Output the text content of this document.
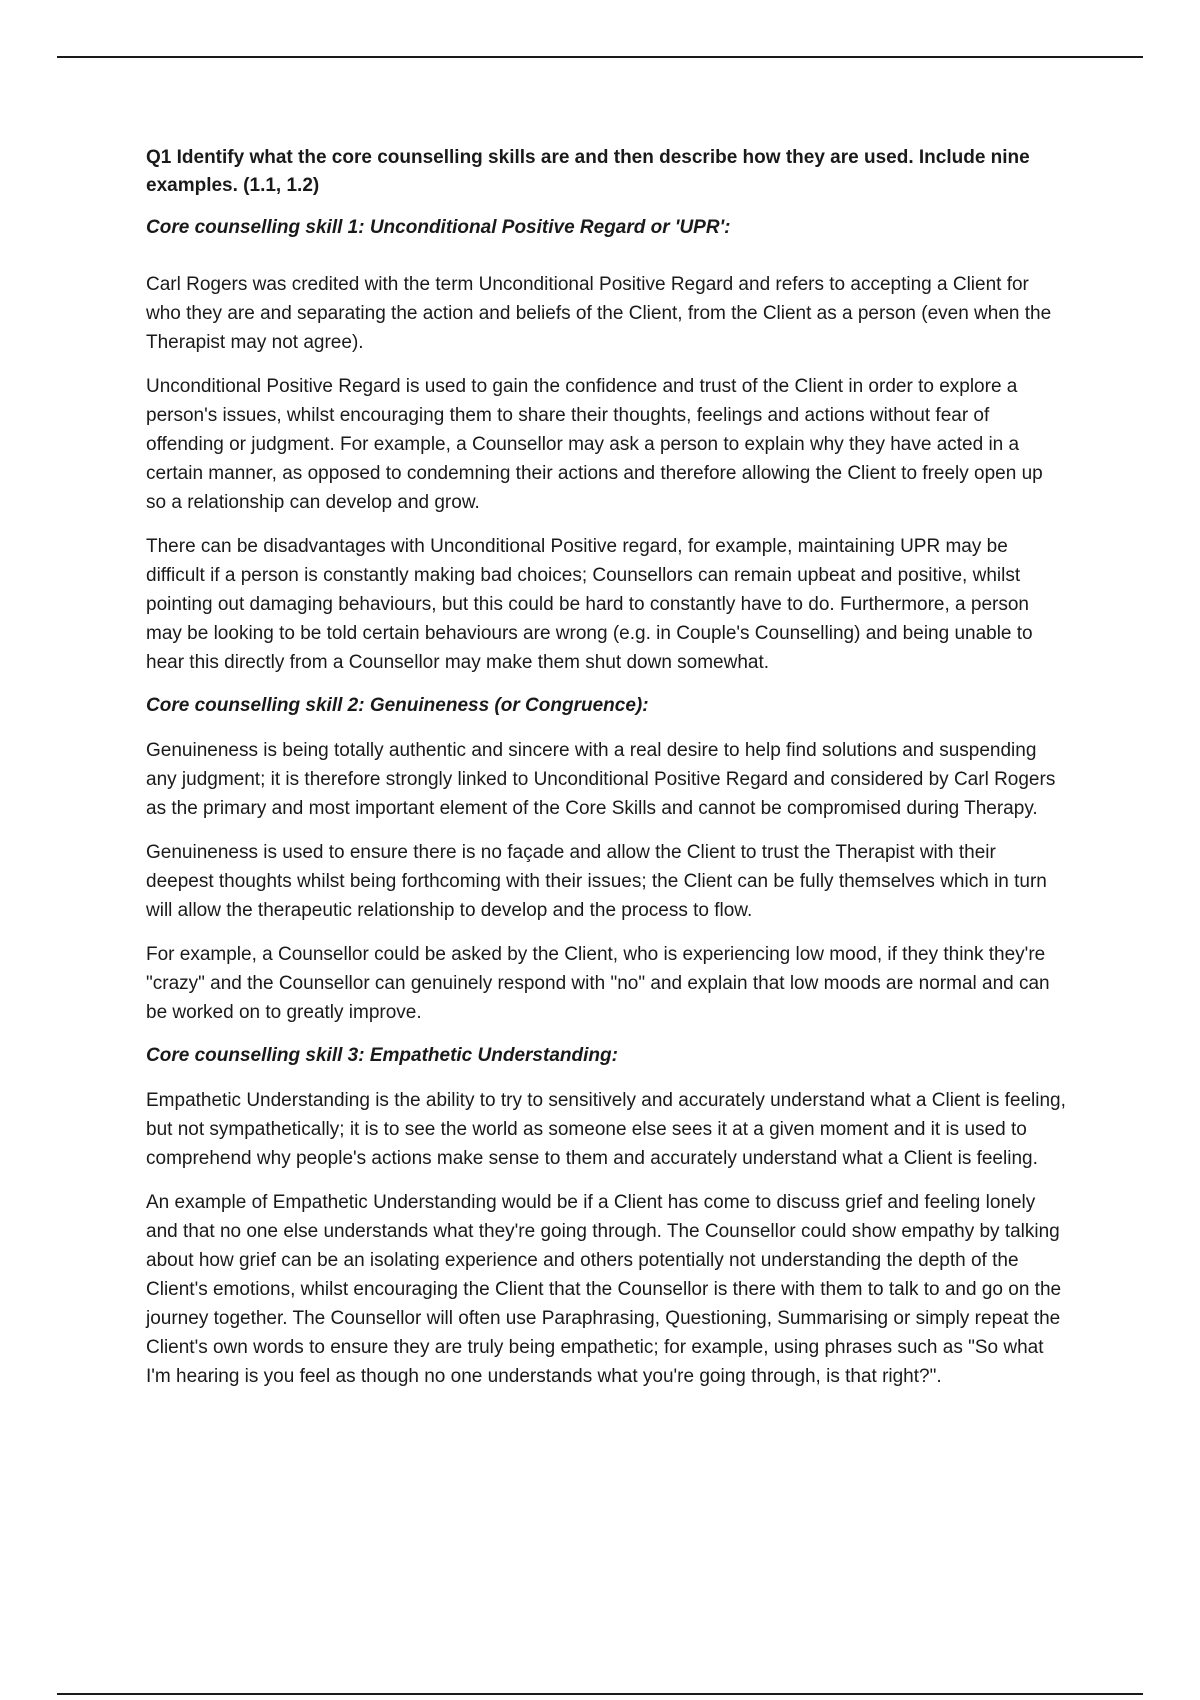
Q1 Identify what the core counselling skills are and then describe how they are used. Include nine examples. (1.1, 1.2)

Core counselling skill 1: Unconditional Positive Regard or 'UPR':

Carl Rogers was credited with the term Unconditional Positive Regard and refers to accepting a Client for who they are and separating the action and beliefs of the Client, from the Client as a person (even when the Therapist may not agree).

Unconditional Positive Regard is used to gain the confidence and trust of the Client in order to explore a person's issues, whilst encouraging them to share their thoughts, feelings and actions without fear of offending or judgment. For example, a Counsellor may ask a person to explain why they have acted in a certain manner, as opposed to condemning their actions and therefore allowing the Client to freely open up so a relationship can develop and grow.

There can be disadvantages with Unconditional Positive regard, for example, maintaining UPR may be difficult if a person is constantly making bad choices; Counsellors can remain upbeat and positive, whilst pointing out damaging behaviours, but this could be hard to constantly have to do. Furthermore, a person may be looking to be told certain behaviours are wrong (e.g. in Couple's Counselling) and being unable to hear this directly from a Counsellor may make them shut down somewhat.

Core counselling skill 2: Genuineness (or Congruence):

Genuineness is being totally authentic and sincere with a real desire to help find solutions and suspending any judgment; it is therefore strongly linked to Unconditional Positive Regard and considered by Carl Rogers as the primary and most important element of the Core Skills and cannot be compromised during Therapy.

Genuineness is used to ensure there is no façade and allow the Client to trust the Therapist with their deepest thoughts whilst being forthcoming with their issues; the Client can be fully themselves which in turn will allow the therapeutic relationship to develop and the process to flow.

For example, a Counsellor could be asked by the Client, who is experiencing low mood, if they think they're "crazy" and the Counsellor can genuinely respond with "no" and explain that low moods are normal and can be worked on to greatly improve.

Core counselling skill 3: Empathetic Understanding:

Empathetic Understanding is the ability to try to sensitively and accurately understand what a Client is feeling, but not sympathetically; it is to see the world as someone else sees it at a given moment and it is used to comprehend why people's actions make sense to them and accurately understand what a Client is feeling.

An example of Empathetic Understanding would be if a Client has come to discuss grief and feeling lonely and that no one else understands what they're going through. The Counsellor could show empathy by talking about how grief can be an isolating experience and others potentially not understanding the depth of the Client's emotions, whilst encouraging the Client that the Counsellor is there with them to talk to and go on the journey together. The Counsellor will often use Paraphrasing, Questioning, Summarising or simply repeat the Client's own words to ensure they are truly being empathetic; for example, using phrases such as "So what I'm hearing is you feel as though no one understands what you're going through, is that right?".
